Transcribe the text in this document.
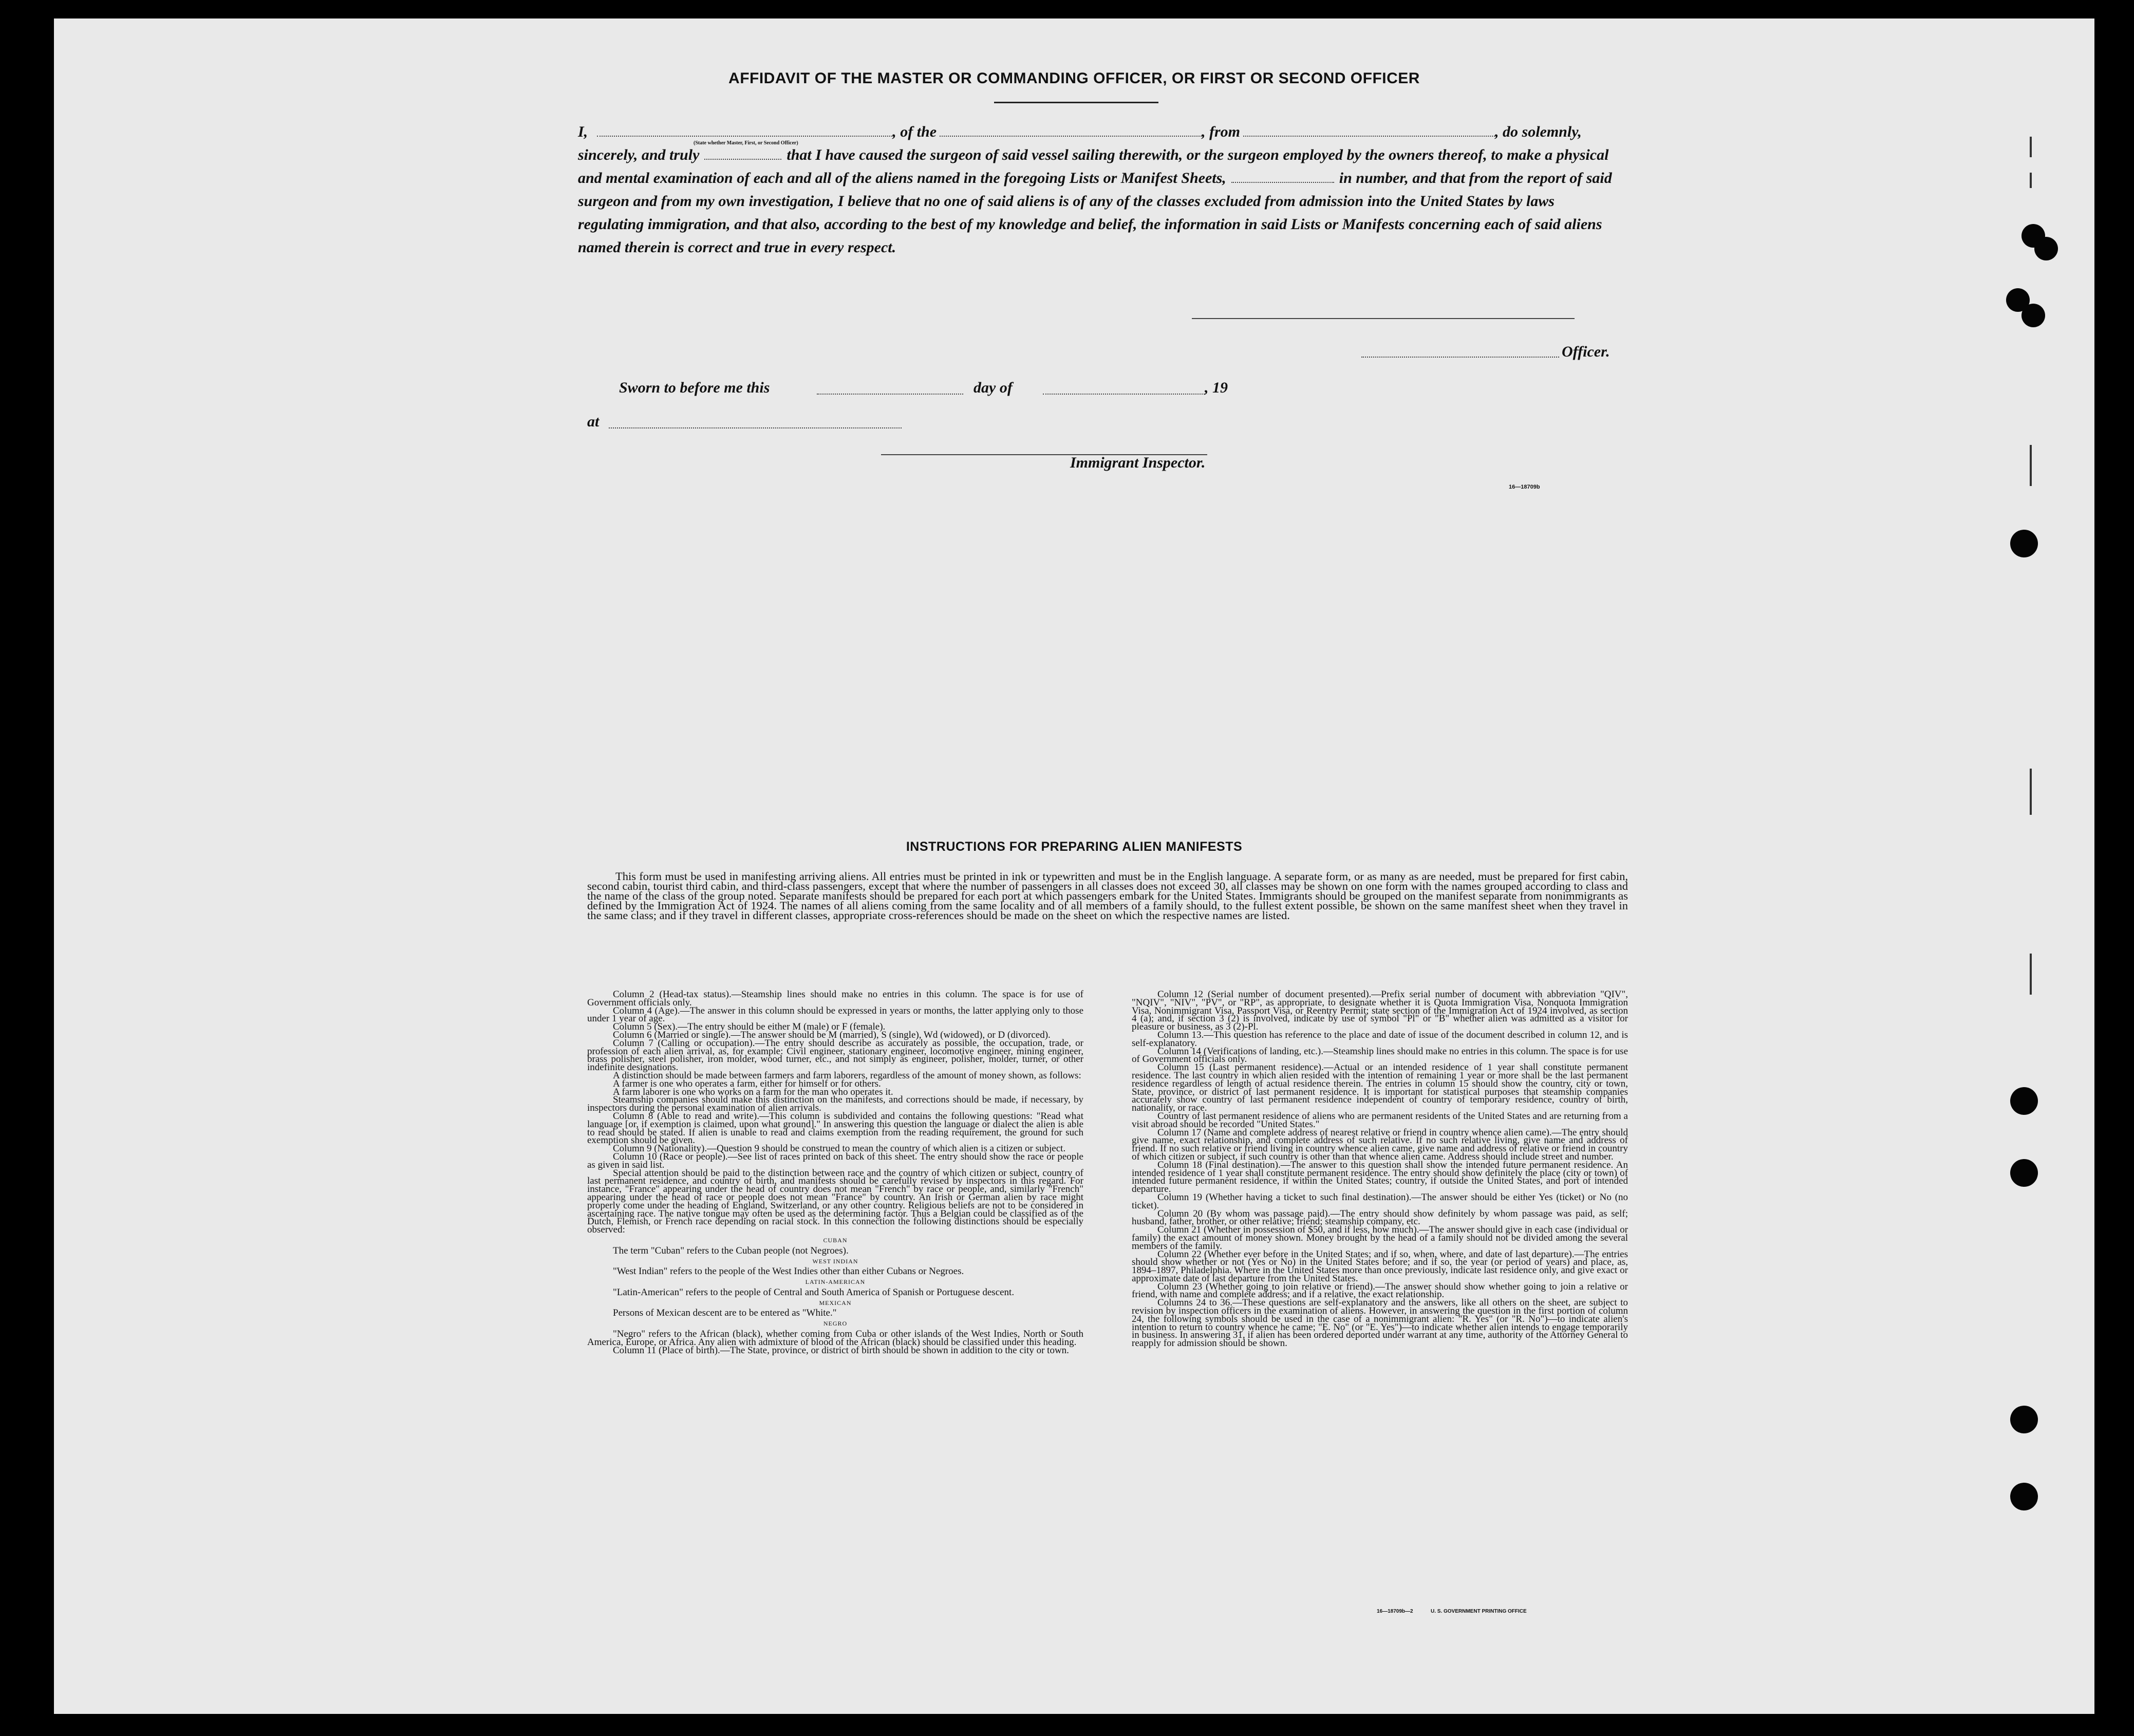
AFFIDAVIT OF THE MASTER OR COMMANDING OFFICER, OR FIRST OR SECOND OFFICER

I,
(State whether Master, First, or Second Officer)
, of the	, from	, do solemnly, sincerely, and truly	that I have caused the surgeon of said vessel sailing therewith, or the surgeon employed by the owners thereof, to make a physical and mental examination of each and all of the aliens named in the foregoing Lists or Manifest Sheets,	in number, and that from the report of said surgeon and from my own investigation, I believe that no one of said aliens is of any of the classes excluded from admission into the United States by laws regulating immigration, and that also, according to the best of my knowledge and belief, the information in said Lists or Manifests concerning each of said aliens named therein is correct and true in every respect.

Officer.
Sworn to before me this	day of	, 19
at
Immigrant Inspector.
16—18709b
INSTRUCTIONS FOR PREPARING ALIEN MANIFESTS

This form must be used in manifesting arriving aliens. All entries must be printed in ink or typewritten and must be in the English language. A separate form, or as many as are needed, must be prepared for first cabin, second cabin, tourist third cabin, and third-class passengers, except that where the number of passengers in all classes does not exceed 30, all classes may be shown on one form with the names grouped according to class and the name of the class of the group noted. Separate manifests should be prepared for each port at which passengers embark for the United States. Immigrants should be grouped on the manifest separate from nonimmigrants as defined by the Immigration Act of 1924. The names of all aliens coming from the same locality and of all members of a family should, to the fullest extent possible, be shown on the same manifest sheet when they travel in the same class; and if they travel in different classes, appropriate cross-references should be made on the sheet on which the respective names are listed.

Column 2 (Head-tax status).—Steamship lines should make no entries in this column. The space is for use of Government officials only.

Column 4 (Age).—The answer in this column should be expressed in years or months, the latter applying only to those under 1 year of age.

Column 5 (Sex).—The entry should be either M (male) or F (female).

Column 6 (Married or single).—The answer should be M (married), S (single), Wd (widowed), or D (divorced).

Column 7 (Calling or occupation).—The entry should describe as accurately as possible, the occupation, trade, or profession of each alien arrival, as, for example: Civil engineer, stationary engineer, locomotive engineer, mining engineer, brass polisher, steel polisher, iron molder, wood turner, etc., and not simply as engineer, polisher, molder, turner, or other indefinite designations.

A distinction should be made between farmers and farm laborers, regardless of the amount of money shown, as follows:

A farmer is one who operates a farm, either for himself or for others.

A farm laborer is one who works on a farm for the man who operates it.

Steamship companies should make this distinction on the manifests, and corrections should be made, if necessary, by inspectors during the personal examination of alien arrivals.

Column 8 (Able to read and write).—This column is subdivided and contains the following questions: "Read what language [or, if exemption is claimed, upon what ground]." In answering this question the language or dialect the alien is able to read should be stated. If alien is unable to read and claims exemption from the reading requirement, the ground for such exemption should be given.

Column 9 (Nationality).—Question 9 should be construed to mean the country of which alien is a citizen or subject.

Column 10 (Race or people).—See list of races printed on back of this sheet. The entry should show the race or people as given in said list.

Special attention should be paid to the distinction between race and the country of which citizen or subject, country of last permanent residence, and country of birth, and manifests should be carefully revised by inspectors in this regard. For instance, "France" appearing under the head of country does not mean "French" by race or people, and, similarly "French" appearing under the head of race or people does not mean "France" by country. An Irish or German alien by race might properly come under the heading of England, Switzerland, or any other country. Religious beliefs are not to be considered in ascertaining race. The native tongue may often be used as the determining factor. Thus a Belgian could be classified as of the Dutch, Flemish, or French race depending on racial stock. In this connection the following distinctions should be especially observed:

CUBAN

The term "Cuban" refers to the Cuban people (not Negroes).

WEST INDIAN

"West Indian" refers to the people of the West Indies other than either Cubans or Negroes.

LATIN-AMERICAN

"Latin-American" refers to the people of Central and South America of Spanish or Portuguese descent.

MEXICAN

Persons of Mexican descent are to be entered as "White."

NEGRO

"Negro" refers to the African (black), whether coming from Cuba or other islands of the West Indies, North or South America, Europe, or Africa. Any alien with admixture of blood of the African (black) should be classified under this heading.

Column 11 (Place of birth).—The State, province, or district of birth should be shown in addition to the city or town.

Column 12 (Serial number of document presented).—Prefix serial number of document with abbreviation "QIV", "NQIV", "NIV", "PV", or "RP", as appropriate, to designate whether it is Quota Immigration Visa, Nonquota Immigration Visa, Nonimmigrant Visa, Passport Visa, or Reentry Permit; state section of the Immigration Act of 1924 involved, as section 4 (a); and, if section 3 (2) is involved, indicate by use of symbol "Pl" or "B" whether alien was admitted as a visitor for pleasure or business, as 3 (2)-Pl.

Column 13.—This question has reference to the place and date of issue of the document described in column 12, and is self-explanatory.

Column 14 (Verifications of landing, etc.).—Steamship lines should make no entries in this column. The space is for use of Government officials only.

Column 15 (Last permanent residence).—Actual or an intended residence of 1 year shall constitute permanent residence. The last country in which alien resided with the intention of remaining 1 year or more shall be the last permanent residence regardless of length of actual residence therein. The entries in column 15 should show the country, city or town, State, province, or district of last permanent residence. It is important for statistical purposes that steamship companies accurately show country of last permanent residence independent of country of temporary residence, country of birth, nationality, or race.

Country of last permanent residence of aliens who are permanent residents of the United States and are returning from a visit abroad should be recorded "United States."

Column 17 (Name and complete address of nearest relative or friend in country whence alien came).—The entry should give name, exact relationship, and complete address of such relative. If no such relative living, give name and address of friend. If no such relative or friend living in country whence alien came, give name and address of relative or friend in country of which citizen or subject, if such country is other than that whence alien came. Address should include street and number.

Column 18 (Final destination).—The answer to this question shall show the intended future permanent residence. An intended residence of 1 year shall constitute permanent residence. The entry should show definitely the place (city or town) of intended future permanent residence, if within the United States; country, if outside the United States, and port of intended departure.

Column 19 (Whether having a ticket to such final destination).—The answer should be either Yes (ticket) or No (no ticket).

Column 20 (By whom was passage paid).—The entry should show definitely by whom passage was paid, as self; husband, father, brother, or other relative; friend; steamship company, etc.

Column 21 (Whether in possession of $50, and if less, how much).—The answer should give in each case (individual or family) the exact amount of money shown. Money brought by the head of a family should not be divided among the several members of the family.

Column 22 (Whether ever before in the United States; and if so, when, where, and date of last departure).—The entries should show whether or not (Yes or No) in the United States before; and if so, the year (or period of years) and place, as, 1894–1897, Philadelphia. Where in the United States more than once previously, indicate last residence only, and give exact or approximate date of last departure from the United States.

Column 23 (Whether going to join relative or friend).—The answer should show whether going to join a relative or friend, with name and complete address; and if a relative, the exact relationship.

Columns 24 to 36.—These questions are self-explanatory and the answers, like all others on the sheet, are subject to revision by inspection officers in the examination of aliens. However, in answering the question in the first portion of column 24, the following symbols should be used in the case of a nonimmigrant alien: "R. Yes" (or "R. No")—to indicate alien's intention to return to country whence he came; "E. No" (or "E. Yes")—to indicate whether alien intends to engage temporarily in business. In answering 31, if alien has been ordered deported under warrant at any time, authority of the Attorney General to reapply for admission should be shown.

16—18709b—2	U. S. GOVERNMENT PRINTING OFFICE
